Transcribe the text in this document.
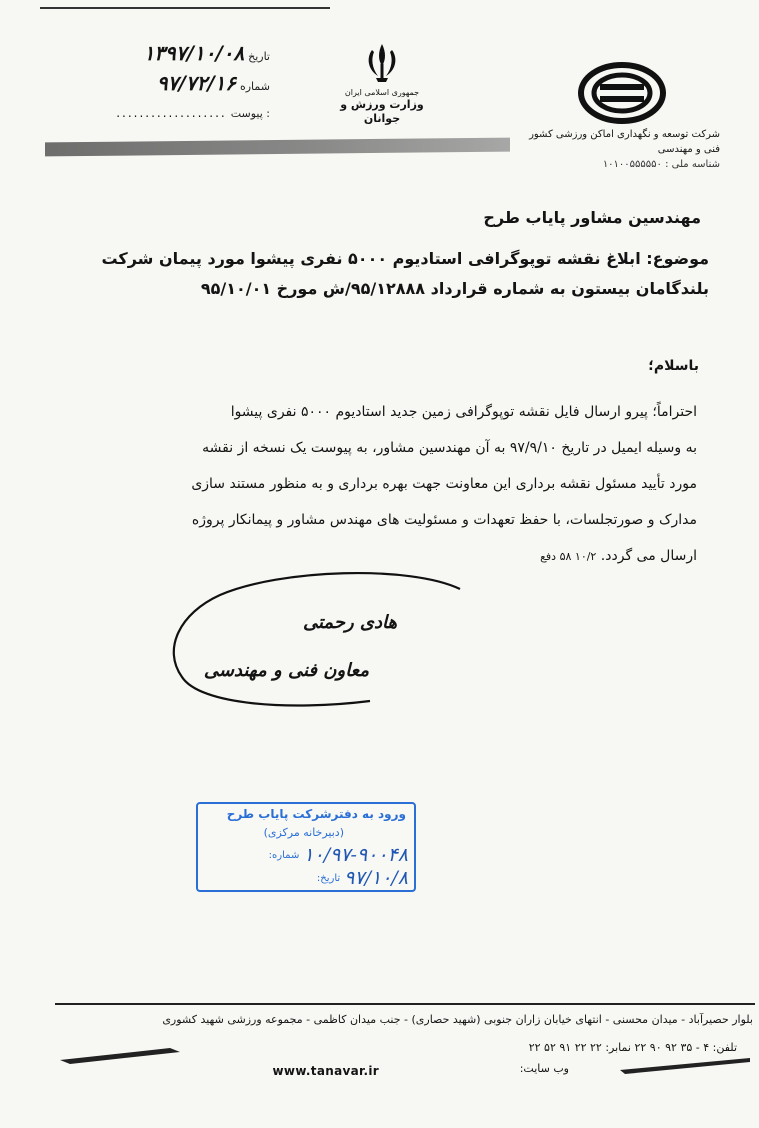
تاریخ
۱۳۹۷/۱۰/۰۸
شماره
۹۷/۷۲/۱۶
پیوست :
...................
جمهوری اسلامی ایران
وزارت ورزش و جوانان
شرکت توسعه و نگهداری اماکن ورزشی کشور
فنی و مهندسی
شناسه ملی : ۱۰۱۰۰۵۵۵۵۵۰
مهندسین مشاور پایاب طرح
موضوع: ابلاغ نقشه توپوگرافی استادیوم ۵۰۰۰ نفری پیشوا مورد پیمان شرکت
بلندگامان بیستون به شماره قرارداد ۹۵/۱۲۸۸۸/ش مورخ ۹۵/۱۰/۰۱
باسلام؛
احتراماً؛ پیرو ارسال فایل نقشه توپوگرافی زمین جدید استادیوم ۵۰۰۰ نفری پیشوا
به وسیله ایمیل در تاریخ ۹۷/۹/۱۰ به آن مهندسین مشاور، به پیوست یک نسخه از نقشه
مورد تأیید مسئول نقشه برداری این معاونت جهت بهره برداری و به منظور مستند سازی
مدارک و صورتجلسات، با حفظ تعهدات و مسئولیت های مهندس مشاور و پیمانکار پروژه
ارسال می گردد. ۱۰/۲ ۵۸ دفع
هادی رحمتی
معاون فنی و مهندسی
ورود به دفترشرکت پایاب طرح
(دبیرخانه مرکزی)
شماره: ۱۰/۹۷-۹۰۰۴۸
تاریخ: ۹۷/۱۰/۸
بلوار حصیرآباد - میدان محسنی - انتهای خیابان زاران جنوبی (شهید حصاری) - جنب میدان کاظمی - مجموعه ورزشی شهید کشوری
تلفن: ۴ - ۳۵ ۹۲ ۹۰ ۲۲ نمابر: ۲۲ ۲۲ ۹۱ ۵۲ ۲۲
وب سایت:
www.tanavar.ir
